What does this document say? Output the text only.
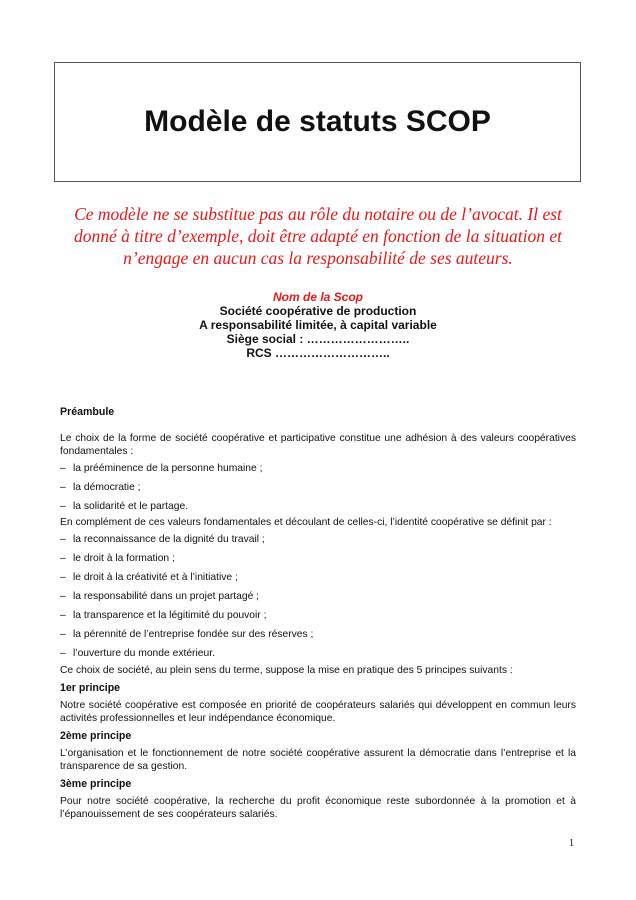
Modèle de statuts SCOP
Ce modèle ne se substitue pas au rôle du notaire ou de l’avocat. Il est donné à titre d’exemple, doit être adapté en fonction de la situation et n’engage en aucun cas la responsabilité de ses auteurs.
Nom de la Scop
Société coopérative de production
A responsabilité limitée, à capital variable
Siège social : ……………………..
RCS ………………………..

Préambule

Le choix de la forme de société coopérative et participative constitue une adhésion à des valeurs coopératives fondamentales :

– la prééminence de la personne humaine ;
– la démocratie ;
– la solidarité et le partage.

En complément de ces valeurs fondamentales et découlant de celles-ci, l’identité coopérative se définit par :

– la reconnaissance de la dignité du travail ;
– le droit à la formation ;
– le droit à la créativité et à l’initiative ;
– la responsabilité dans un projet partagé ;
– la transparence et la légitimité du pouvoir ;
– la pérennité de l’entreprise fondée sur des réserves ;
– l’ouverture du monde extérieur.

Ce choix de société, au plein sens du terme, suppose la mise en pratique des 5 principes suivants :

1er principe

Notre société coopérative est composée en priorité de coopérateurs salariés qui développent en commun leurs activités professionnelles et leur indépendance économique.

2ème principe

L’organisation et le fonctionnement de notre société coopérative assurent la démocratie dans l’entreprise et la transparence de sa gestion.

3ème principe

Pour notre société coopérative, la recherche du profit économique reste subordonnée à la promotion et à l’épanouissement de ses coopérateurs salariés.

1
